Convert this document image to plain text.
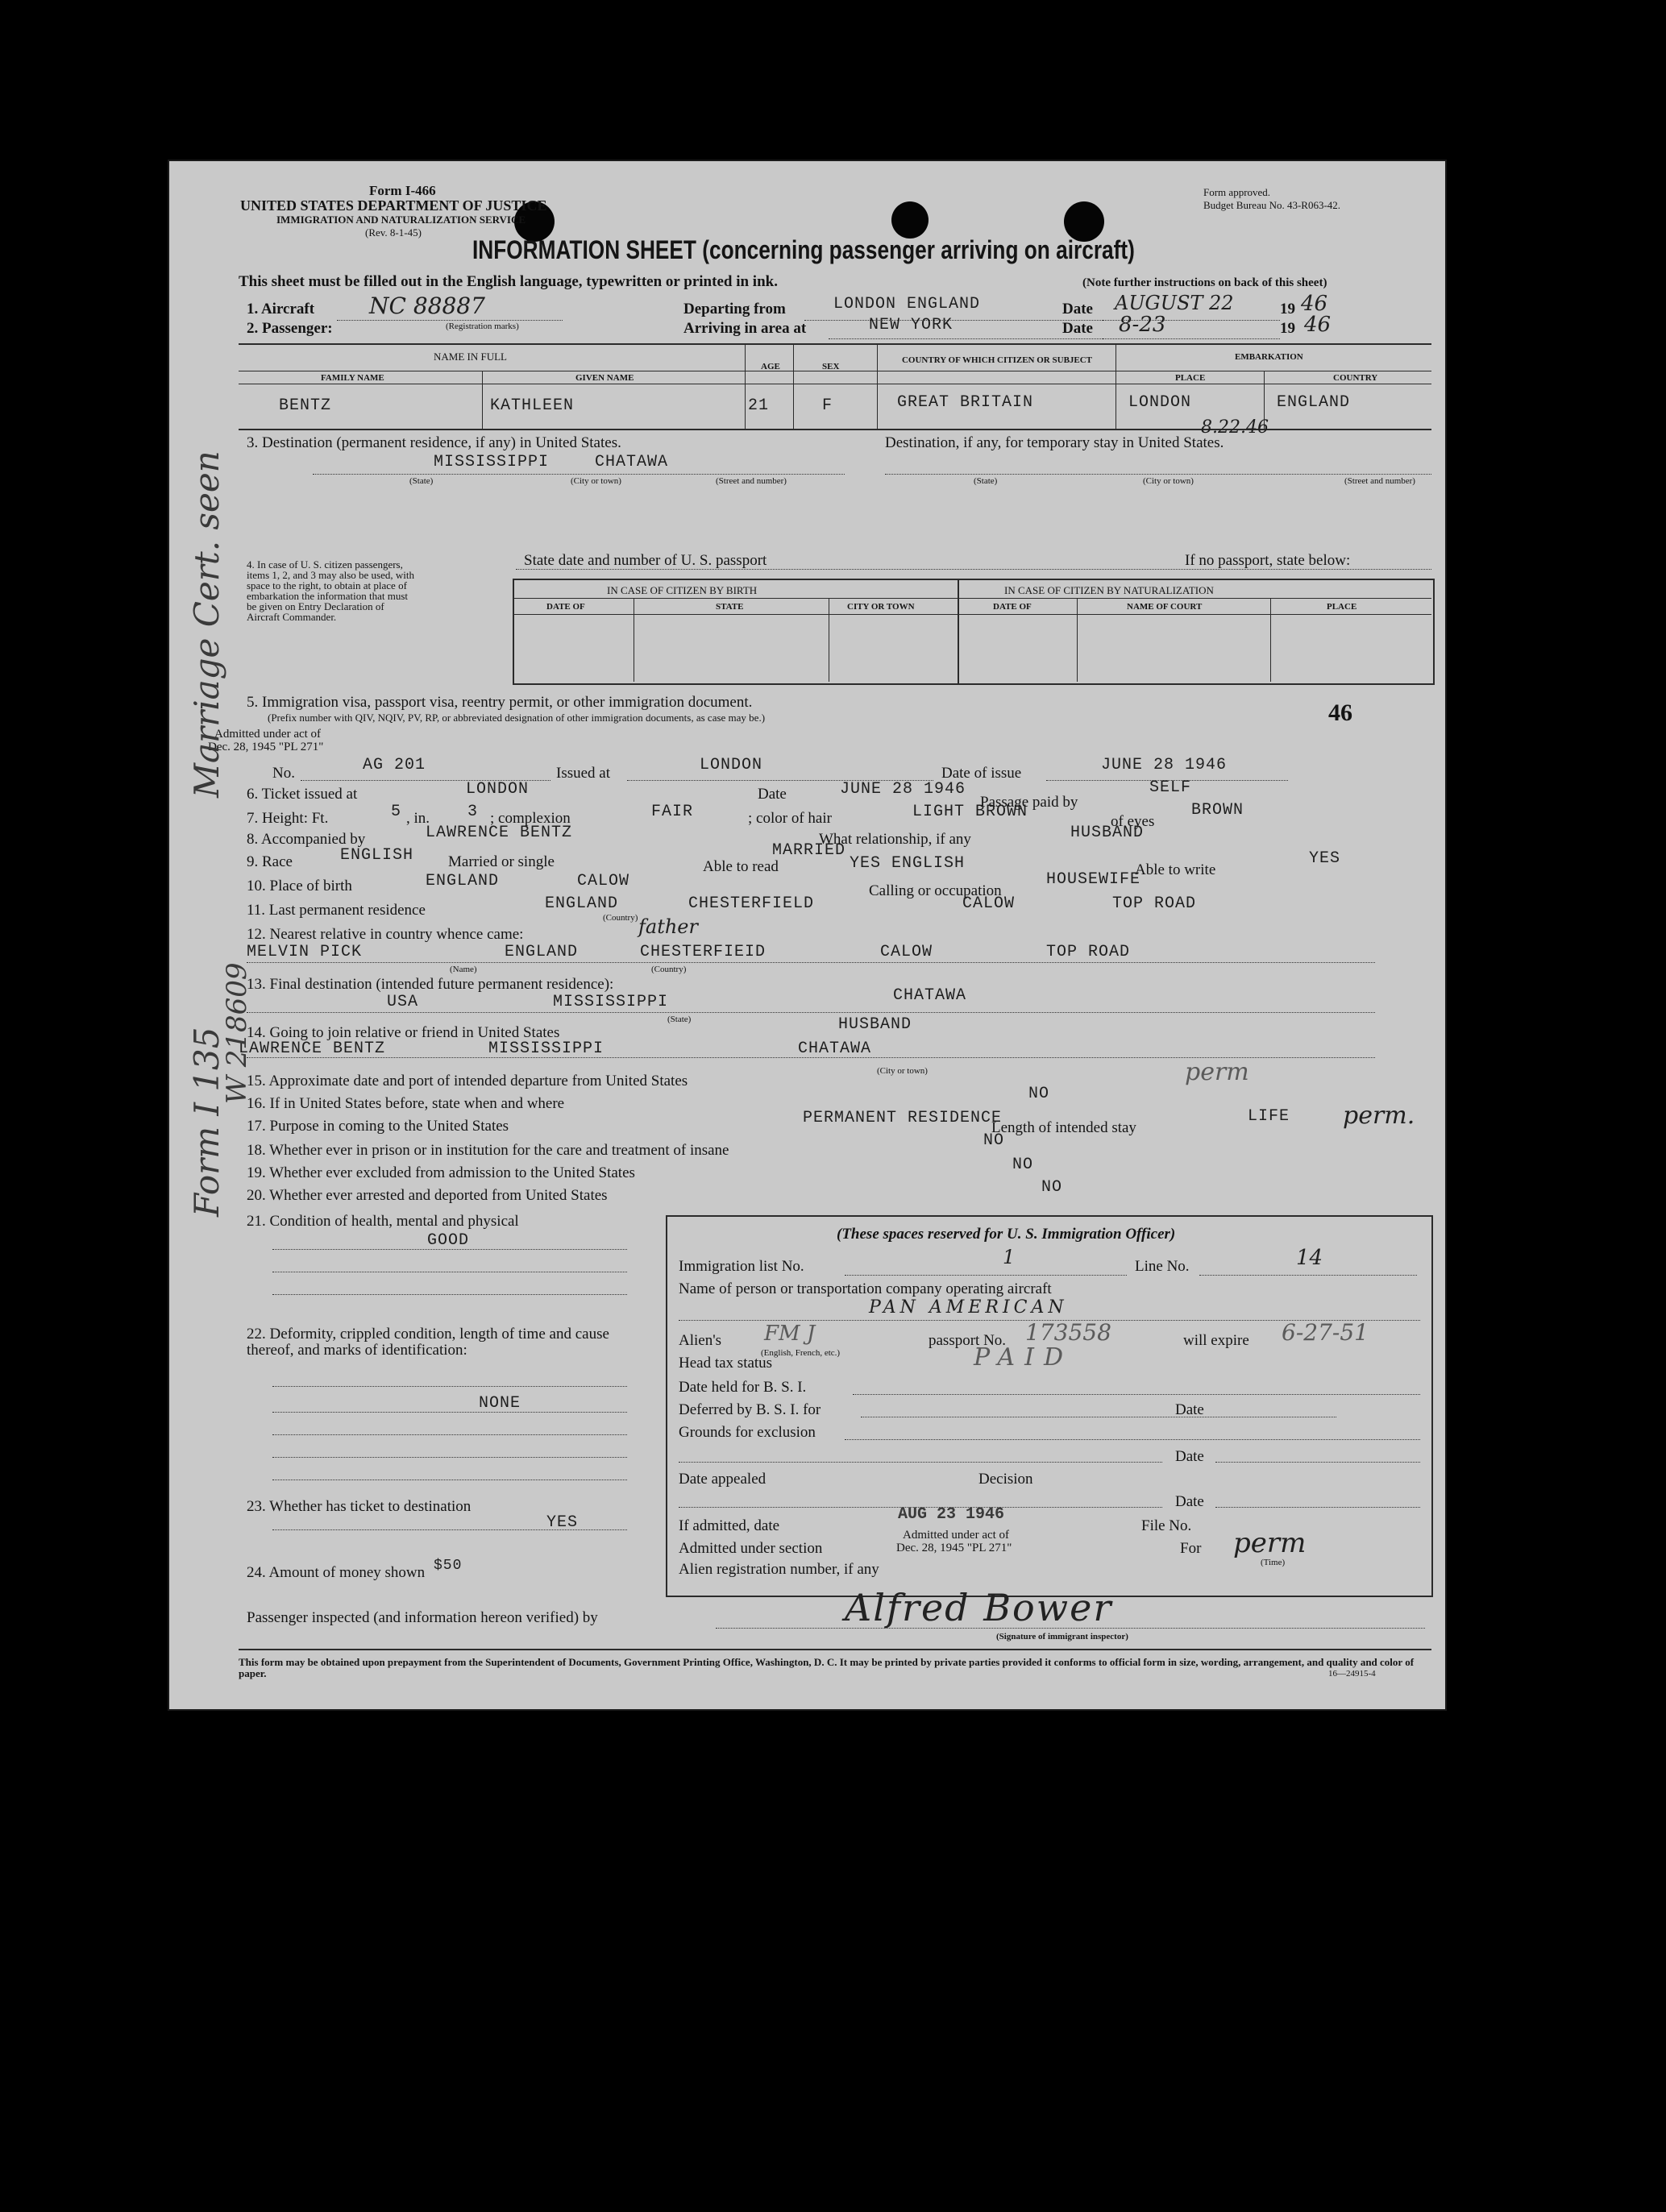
Form I-466
UNITED STATES DEPARTMENT OF JUSTICE
IMMIGRATION AND NATURALIZATION SERVICE
(Rev. 8-1-45)
Form approved.
Budget Bureau No. 43-R063-42.
INFORMATION SHEET (concerning passenger arriving on aircraft)
This sheet must be filled out in the English language, typewritten or printed in ink.	(Note further instructions on back of this sheet)
1. Aircraft NC 88887
(Registration marks)
2. Passenger:
Departing from	LONDON ENGLAND
Arriving in area at	NEW YORK
Date AUGUST 22	19 46
Date 8-23	19 46
NAME IN FULL
FAMILY NAME	GIVEN NAME
AGE	SEX
COUNTRY OF WHICH CITIZEN OR SUBJECT	EMBARKATION
PLACE	COUNTRY
BENTZ	KATHLEEN	21	F	GREAT BRITAIN	LONDON	ENGLAND
8.22.46
3. Destination (permanent residence, if any) in United States.	Destination, if any, for temporary stay in United States.
MISSISSIPPI	CHATAWA
(State)	(City or town)	(Street and number)	(State)	(City or town)	(Street and number)
4. In case of U. S. citizen passengers, items 1, 2, and 3 may also be used, with space to the right, to obtain at place of embarkation the information that must be given on Entry Declaration of Aircraft Commander.
State date and number of U. S. passport	If no passport, state below:
IN CASE OF CITIZEN BY BIRTH	IN CASE OF CITIZEN BY NATURALIZATION
DATE OF	STATE	CITY OR TOWN	DATE OF	NAME OF COURT	PLACE
5. Immigration visa, passport visa, reentry permit, or other immigration document.
(Prefix number with QIV, NQIV, PV, RP, or abbreviated designation of other immigration documents, as case may be.)	46
Admitted under act of
Dec. 28, 1945 "PL 271"
No.	AG 201	Issued at	LONDON	Date of issue	JUNE 28 1946
6. Ticket issued at	LONDON	Date	JUNE 28 1946
Passage paid by
SELF
7. Height: Ft.	5 , in. 3 ; complexion	FAIR	; color of hair	LIGHT BROWN
of eyes
BROWN
8. Accompanied by	LAWRENCE BENTZ	What relationship, if any	HUSBAND
9. Race	ENGLISH Married or single
MARRIED
Able to read	YES ENGLISH	Able to write
YES
10. Place of birth	ENGLAND	CALOW
Calling or occupation
HOUSEWIFE
11. Last permanent residence	ENGLAND	CHESTERFIELD	CALOW	TOP ROAD
(Country)
12. Nearest relative in country whence came:	father
MELVIN PICK	ENGLAND	CHESTERFIEID	CALOW	TOP ROAD
(Name)	(Country)
13. Final destination (intended future permanent residence):
USA	MISSISSIPPI	CHATAWA
(State)
14. Going to join relative or friend in United States	HUSBAND
LAWRENCE BENTZ	MISSISSIPPI	CHATAWA
(City or town)
15. Approximate date and port of intended departure from United States	perm
16. If in United States before, state when and where
NO
17. Purpose in coming to the United States	PERMANENT RESIDENCE
Length of intended stay
LIFE perm.
18. Whether ever in prison or in institution for the care and treatment of insane
NO
19. Whether ever excluded from admission to the United States	NO
20. Whether ever arrested and deported from United States	NO
21. Condition of health, mental and physical
GOOD
22. Deformity, crippled condition, length of time and cause thereof, and marks of identification:
NONE
23. Whether has ticket to destination
YES
24. Amount of money shown $50
(These spaces reserved for U. S. Immigration Officer)
Immigration list No.	1	Line No.	14
Name of person or transportation company operating aircraft
PAN AMERICAN
Alien's FM J
(English, French, etc.)
passport No. 173558	will expire 6-27-51
Head tax status	PAID
Date held for B. S. I.
Deferred by B. S. I. for	Date
Grounds for exclusion
Date
Date appealed	Decision
Date
If admitted, date
AUG 23 1946
File No.
Admitted under section
Admitted under act of
Dec. 28, 1945 "PL 271"	For perm
(Time)
Alien registration number, if any
Passenger inspected (and information hereon verified) by	Alfred Bower
(Signature of immigrant inspector)
This form may be obtained upon prepayment from the Superintendent of Documents, Government Printing Office, Washington, D. C. It may be printed by private parties provided it conforms to official form in size, wording, arrangement, and quality and color of paper.	16—24915-4
Marriage Cert. seen
Form I 135
W 218609
